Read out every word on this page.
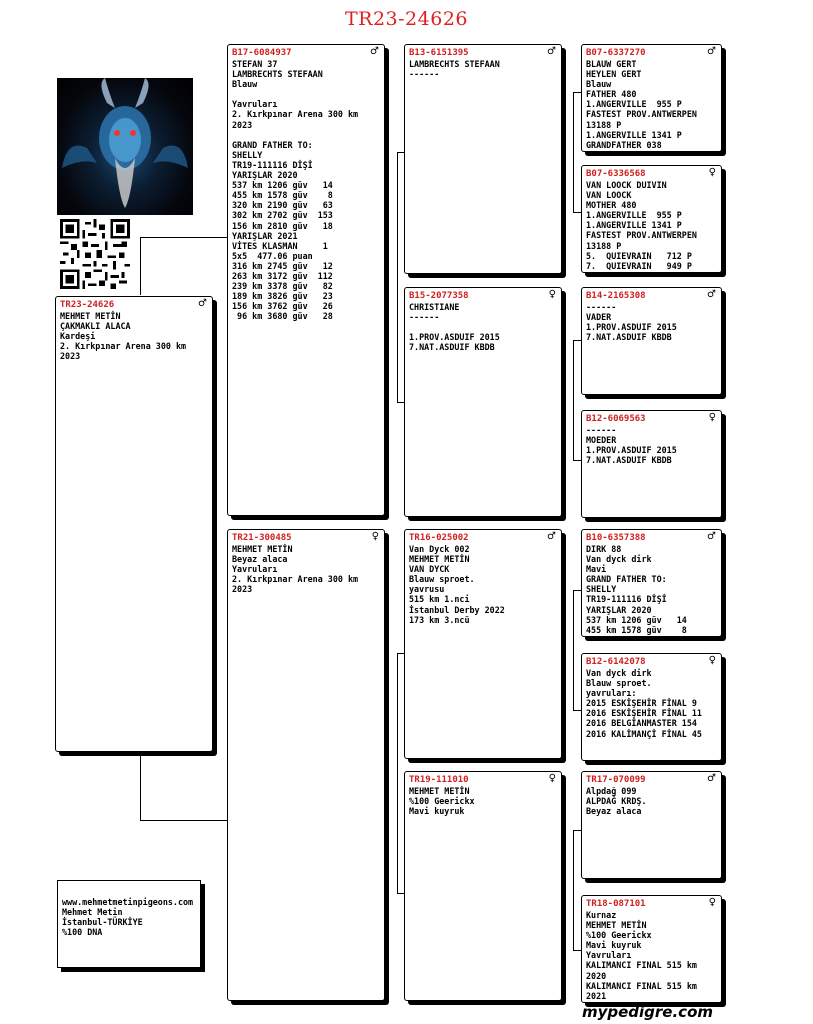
TR23-24626
TR23-24626	♂
MEHMET METİN
ÇAKMAKLI ALACA
Kardeşi
2. Kırkpınar Arena 300 km
2023
B17-6084937	♂
STEFAN 37
LAMBRECHTS STEFAAN
Blauw

Yavruları
2. Kırkpınar Arena 300 km
2023

GRAND FATHER TO:
SHELLY
TR19-111116 DİŞİ
YARIŞLAR 2020
537 km 1206 güv   14
455 km 1578 güv    8
320 km 2190 güv   63
302 km 2702 güv  153
156 km 2810 güv   18
YARIŞLAR 2021
VİTES KLASMAN     1
5x5  477.06 puan
316 km 2745 güv   12
263 km 3172 güv  112
239 km 3378 güv   82
189 km 3826 güv   23
156 km 3762 güv   26
96 km 3680 güv   28
TR21-300485	♀
MEHMET METİN
Beyaz alaca
Yavruları
2. Kırkpınar Arena 300 km
2023
B13-6151395	♂
LAMBRECHTS STEFAAN
------
B15-2077358	♀
CHRISTIANE
------

1.PROV.ASDUIF 2015
7.NAT.ASDUIF KBDB
TR16-025002	♂
Van Dyck 002
MEHMET METİN
VAN DYCK
Blauw sproet.
yavrusu
515 km 1.nci
İstanbul Derby 2022
173 km 3.ncü
TR19-111010	♀
MEHMET METİN
%100 Geerickx
Mavi kuyruk
B07-6337270	♂
BLAUW GERT
HEYLEN GERT
Blauw
FATHER 480
1.ANGERVILLE  955 P
FASTEST PROV.ANTWERPEN
13188 P
1.ANGERVILLE 1341 P
GRANDFATHER 038
B07-6336568	♀
VAN LOOCK DUIVIN
VAN LOOCK
MOTHER 480
1.ANGERVILLE  955 P
1.ANGERVILLE 1341 P
FASTEST PROV.ANTWERPEN
13188 P
5.  QUIEVRAIN   712 P
7.  QUIEVRAIN   949 P
B14-2165308	♂
------
VADER
1.PROV.ASDUIF 2015
7.NAT.ASDUIF KBDB
B12-6069563	♀
------
MOEDER
1.PROV.ASDUIF 2015
7.NAT.ASDUIF KBDB
B10-6357388	♂
DIRK 88
Van dyck dirk
Mavi
GRAND FATHER TO:
SHELLY
TR19-111116 DİŞİ
YARIŞLAR 2020
537 km 1206 güv   14
455 km 1578 güv    8
B12-6142078	♀
Van dyck dirk
Blauw sproet.
yavruları:
2015 ESKİŞEHİR FİNAL 9
2016 ESKİŞEHİR FİNAL 11
2016 BELGİANMASTER 154
2016 KALİMANÇİ FİNAL 45
TR17-070099	♂
Alpdağ 099
ALPDAĞ KRDŞ.
Beyaz alaca
TR18-087101	♀
Kurnaz
MEHMET METİN
%100 Geerickx
Mavi kuyruk
Yavruları
KALIMANCI FINAL 515 km
2020
KALIMANCI FINAL 515 km
2021
www.mehmetmetinpigeons.com
Mehmet Metin
İstanbul-TÜRKİYE
%100 DNA
mypedigre.com
